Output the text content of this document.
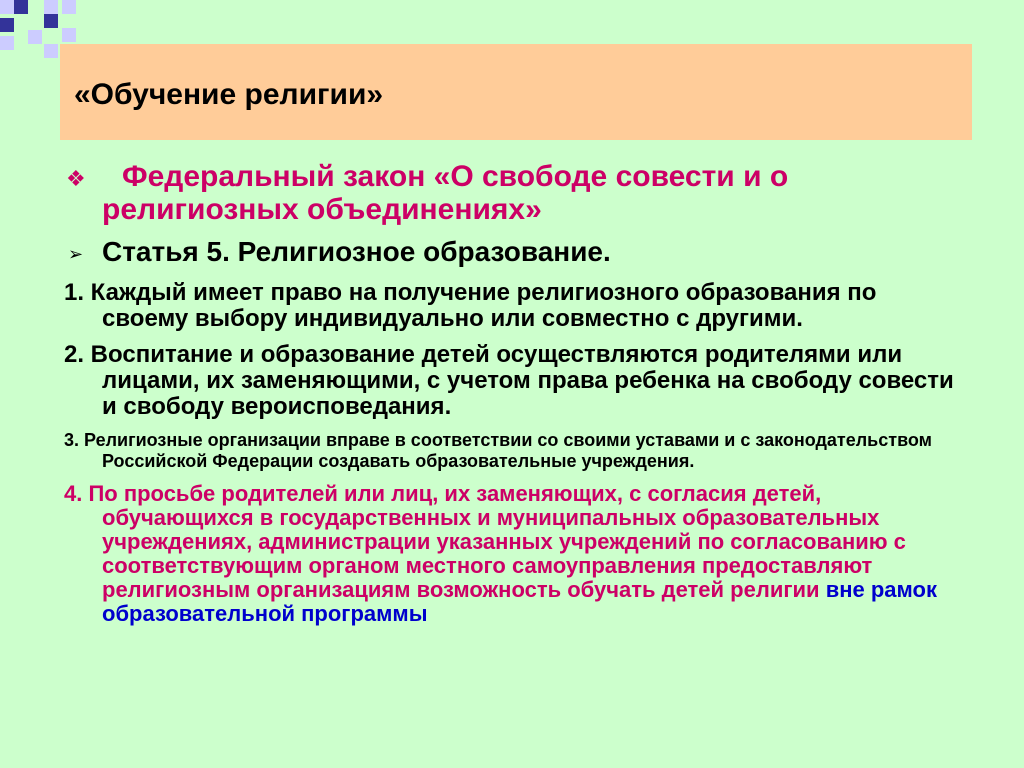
«Обучение религии»
❖	Федеральный закон «О свободе совести и о религиозных объединениях»
➢ Статья 5. Религиозное образование.
1. Каждый имеет право на получение религиозного образования по своему выбору индивидуально или совместно с другими.
2. Воспитание и образование детей осуществляются родителями или лицами, их заменяющими, с учетом права ребенка на свободу совести и свободу вероисповедания.
3. Религиозные организации вправе в соответствии со своими уставами и с законодательством Российской Федерации создавать образовательные учреждения.
4. По просьбе родителей или лиц, их заменяющих, с согласия детей, обучающихся в государственных и муниципальных образовательных учреждениях, администрации указанных учреждений по согласованию с соответствующим органом местного самоуправления предоставляют религиозным организациям возможность обучать детей религии вне рамок образовательной программы
